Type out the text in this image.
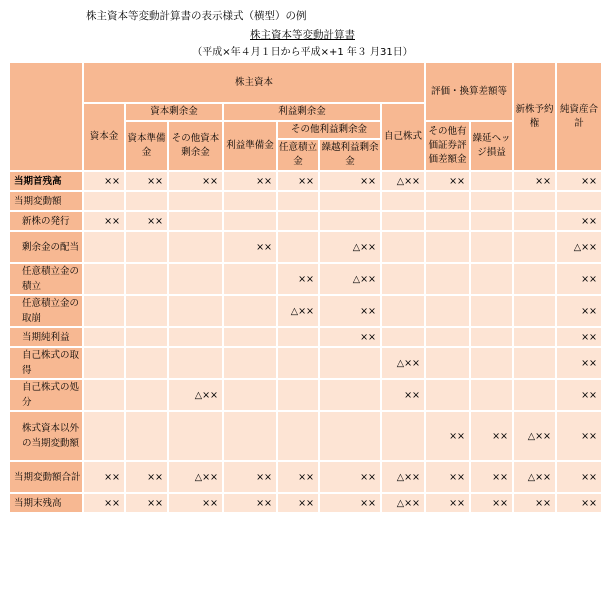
株主資本等変動計算書の表示様式（横型）の例
株主資本等変動計算書
（平成×年４月１日から平成×+1 年３ 月31日）
	株主資本							評価・換算差額等		新株予約権	純資産合計
	資本金	資本剰余金		利益剰余金			自己株式				
		資本準備金	その他資本剰余金	利益準備金	その他利益剰余金			その他有価証券評価差額金	繰延ヘッジ損益		
					任意積立金	繰越利益剰余金					
当期首残高	××	××	××	××	××	××	△××	××		××	××
当期変動額											
新株の発行	××	××									××
剰余金の配当				××		△××					△××
任意積立金の積立					××	△××					××
任意積立金の取崩					△××	××					××
当期純利益						××					××
自己株式の取得							△××				××
自己株式の処分			△××				××				××
株式資本以外の当期変動額								××	××	△××	××
当期変動額合計	××	××	△××	××	××	××	△××	××	××	△××	××
当期末残高	××	××	××	××	××	××	△××	××	××	××	××
